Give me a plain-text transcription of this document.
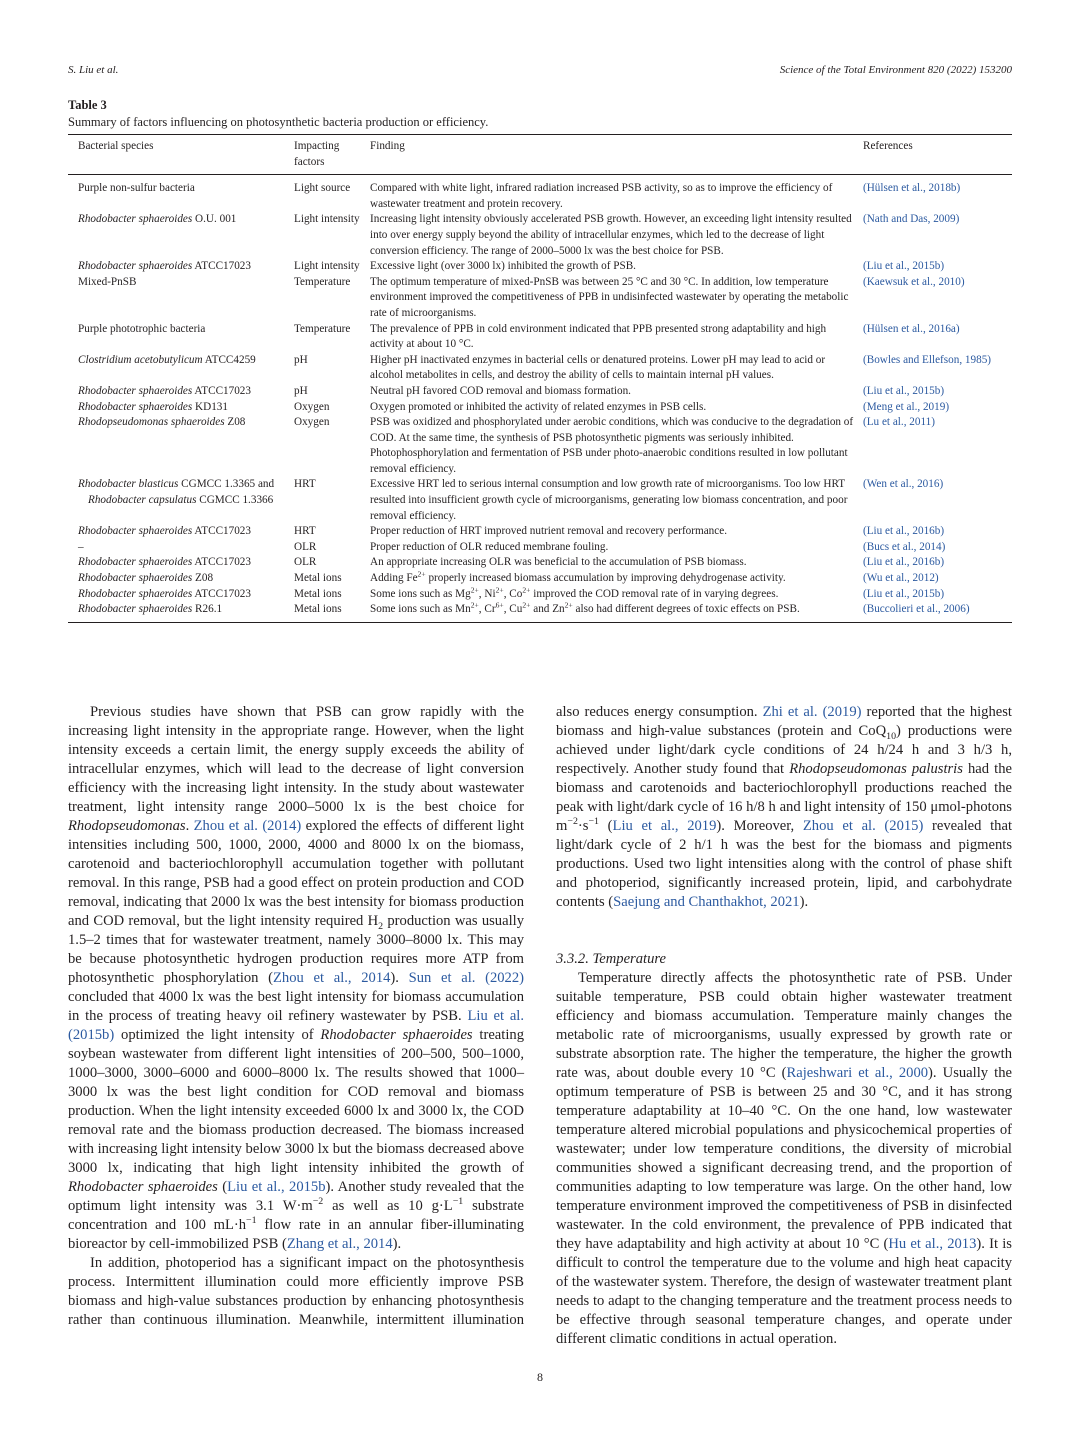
S. Liu et al.	Science of the Total Environment 820 (2022) 153200
Table 3
Summary of factors influencing on photosynthetic bacteria production or efficiency.
Bacterial species	Impacting factors	Finding	References

Purple non-sulfur bacteria	Light source	Compared with white light, infrared radiation increased PSB activity, so as to improve the efficiency of wastewater treatment and protein recovery.	(Hülsen et al., 2018b)

Rhodobacter sphaeroides O.U. 001	Light intensity	Increasing light intensity obviously accelerated PSB growth. However, an exceeding light intensity resulted into over energy supply beyond the ability of intracellular enzymes, which led to the decrease of light conversion efficiency. The range of 2000–5000 lx was the best choice for PSB.	(Nath and Das, 2009)

Rhodobacter sphaeroides ATCC17023	Light intensity	Excessive light (over 3000 lx) inhibited the growth of PSB.	(Liu et al., 2015b)

Mixed-PnSB	Temperature	The optimum temperature of mixed-PnSB was between 25 °C and 30 °C. In addition, low temperature environment improved the competitiveness of PPB in undisinfected wastewater by operating the metabolic rate of microorganisms.	(Kaewsuk et al., 2010)

Purple phototrophic bacteria	Temperature	The prevalence of PPB in cold environment indicated that PPB presented strong adaptability and high activity at about 10 °C.	(Hülsen et al., 2016a)

Clostridium acetobutylicum ATCC4259	pH	Higher pH inactivated enzymes in bacterial cells or denatured proteins. Lower pH may lead to acid or alcohol metabolites in cells, and destroy the ability of cells to maintain internal pH values.	(Bowles and Ellefson, 1985)

Rhodobacter sphaeroides ATCC17023	pH	Neutral pH favored COD removal and biomass formation.	(Liu et al., 2015b)

Rhodobacter sphaeroides KD131	Oxygen	Oxygen promoted or inhibited the activity of related enzymes in PSB cells.	(Meng et al., 2019)

Rhodopseudomonas sphaeroides Z08	Oxygen	PSB was oxidized and phosphorylated under aerobic conditions, which was conducive to the degradation of COD. At the same time, the synthesis of PSB photosynthetic pigments was seriously inhibited. Photophosphorylation and fermentation of PSB under photo-anaerobic conditions resulted in low pollutant removal efficiency.	(Lu et al., 2011)

Rhodobacter blasticus CGMCC 1.3365 and Rhodobacter capsulatus CGMCC 1.3366	HRT	Excessive HRT led to serious internal consumption and low growth rate of microorganisms. Too low HRT resulted into insufficient growth cycle of microorganisms, generating low biomass concentration, and poor removal efficiency.	(Wen et al., 2016)

Rhodobacter sphaeroides ATCC17023	HRT	Proper reduction of HRT improved nutrient removal and recovery performance.	(Liu et al., 2016b)

–	OLR	Proper reduction of OLR reduced membrane fouling.	(Bucs et al., 2014)

Rhodobacter sphaeroides ATCC17023	OLR	An appropriate increasing OLR was beneficial to the accumulation of PSB biomass.	(Liu et al., 2016b)

Rhodobacter sphaeroides Z08	Metal ions	Adding $Fe^{2+}$ properly increased biomass accumulation by improving dehydrogenase activity.	(Wu et al., 2012)

Rhodobacter sphaeroides ATCC17023	Metal ions	Some ions such as $Mg^{2+}$, $Ni^{2+}$, $Co^{2+}$ improved the COD removal rate of in varying degrees.	(Liu et al., 2015b)

Rhodobacter sphaeroides R26.1	Metal ions	Some ions such as $Mn^{2+}$, $Cr^{6+}$, $Cu^{2+}$ and $Zn^{2+}$ also had different degrees of toxic effects on PSB.	(Buccolieri et al., 2006)

Previous studies have shown that PSB can grow rapidly with the increasing light intensity in the appropriate range. However, when the light intensity exceeds a certain limit, the energy supply exceeds the ability of intracellular enzymes, which will lead to the decrease of light conversion efficiency with the increasing light intensity. In the study about wastewater treatment, light intensity range 2000–5000 lx is the best choice for Rhodopseudomonas. Zhou et al. (2014) explored the effects of different light intensities including 500, 1000, 2000, 4000 and 8000 lx on the biomass, carotenoid and bacteriochlorophyll accumulation together with pollutant removal. In this range, PSB had a good effect on protein production and COD removal, indicating that 2000 lx was the best intensity for biomass production and COD removal, but the light intensity required $H_2$ production was usually 1.5–2 times that for wastewater treatment, namely 3000–8000 lx. This may be because photosynthetic hydrogen production requires more ATP from photosynthetic phosphorylation (Zhou et al., 2014). Sun et al. (2022) concluded that 4000 lx was the best light intensity for biomass accumulation in the process of treating heavy oil refinery wastewater by PSB. Liu et al. (2015b) optimized the light intensity of Rhodobacter sphaeroides treating soybean wastewater from different light intensities of 200–500, 500–1000, 1000–3000, 3000–6000 and 6000–8000 lx. The results showed that 1000–3000 lx was the best light condition for COD removal and biomass production. When the light intensity exceeded 6000 lx and 3000 lx, the COD removal rate and the biomass production decreased. The biomass increased with increasing light intensity below 3000 lx but the biomass decreased above 3000 lx, indicating that high light intensity inhibited the growth of Rhodobacter sphaeroides (Liu et al., 2015b). Another study revealed that the optimum light intensity was 3.1 $W\cdot m^{-2}$ as well as 10 $g\cdot L^{-1}$ substrate concentration and 100 $mL\cdot h^{-1}$ flow rate in an annular fiber-illuminating bioreactor by cell-immobilized PSB (Zhang et al., 2014).

In addition, photoperiod has a significant impact on the photosynthesis process. Intermittent illumination could more efficiently improve PSB biomass and high-value substances production by enhancing photosynthesis rather than continuous illumination. Meanwhile, intermittent illumination

also reduces energy consumption. Zhi et al. (2019) reported that the highest biomass and high-value substances (protein and CoQ$_{10}$) productions were achieved under light/dark cycle conditions of 24 h/24 h and 3 h/3 h, respectively. Another study found that Rhodopseudomonas palustris had the biomass and carotenoids and bacteriochlorophyll productions reached the peak with light/dark cycle of 16 h/8 h and light intensity of 150 μmol-photons $m^{-2}\cdot s^{-1}$ (Liu et al., 2019). Moreover, Zhou et al. (2015) revealed that light/dark cycle of 2 h/1 h was the best for the biomass and pigments productions. Used two light intensities along with the control of phase shift and photoperiod, significantly increased protein, lipid, and carbohydrate contents (Saejung and Chanthakhot, 2021).

3.3.2. Temperature

Temperature directly affects the photosynthetic rate of PSB. Under suitable temperature, PSB could obtain higher wastewater treatment efficiency and biomass accumulation. Temperature mainly changes the metabolic rate of microorganisms, usually expressed by growth rate or substrate absorption rate. The higher the temperature, the higher the growth rate was, about double every 10 °C (Rajeshwari et al., 2000). Usually the optimum temperature of PSB is between 25 and 30 °C, and it has strong temperature adaptability at 10–40 °C. On the one hand, low wastewater temperature altered microbial populations and physicochemical properties of wastewater; under low temperature conditions, the diversity of microbial communities showed a significant decreasing trend, and the proportion of communities adapting to low temperature was large. On the other hand, low temperature environment improved the competitiveness of PSB in disinfected wastewater. In the cold environment, the prevalence of PPB indicated that they have adaptability and high activity at about 10 °C (Hu et al., 2013). It is difficult to control the temperature due to the volume and high heat capacity of the wastewater system. Therefore, the design of wastewater treatment plant needs to adapt to the changing temperature and the treatment process needs to be effective through seasonal temperature changes, and operate under different climatic conditions in actual operation.

8
